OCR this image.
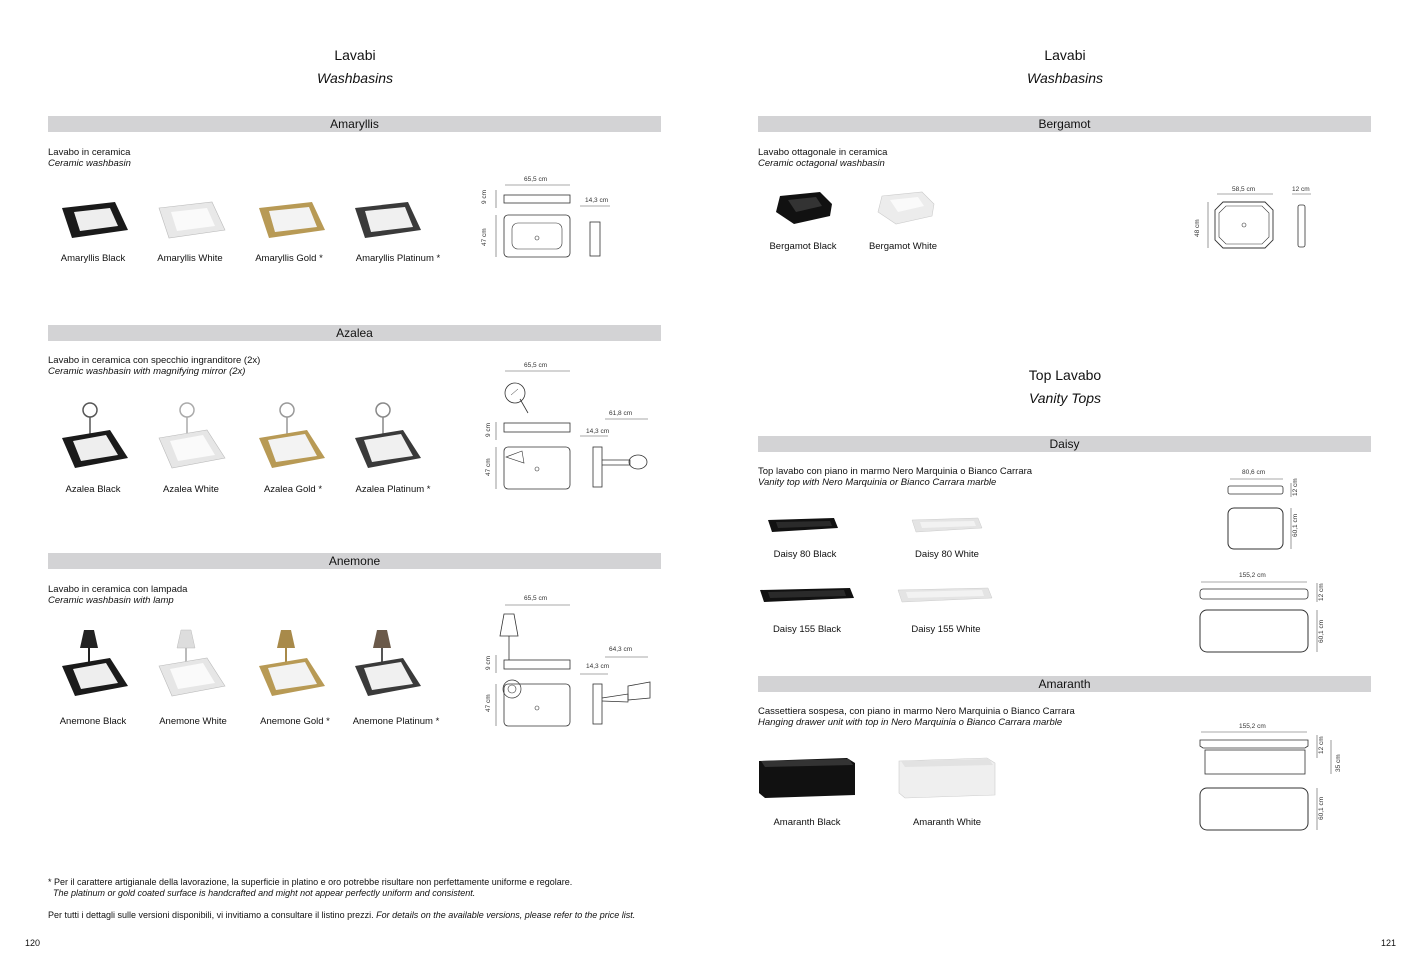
Lavabi
Washbasins
Amaryllis
Lavabo in ceramica
Ceramic washbasin
Amaryllis Black	Amaryllis White	Amaryllis Gold *	Amaryllis Platinum *
65,5 cm
14,3 cm
9 cm
47 cm
Azalea
Lavabo in ceramica con specchio ingranditore (2x)
Ceramic washbasin with magnifying mirror (2x)
Azalea Black	Azalea White	Azalea Gold *	Azalea Platinum *
65,5 cm
61,8 cm
14,3 cm
9 cm
47 cm
Anemone
Lavabo in ceramica con lampada
Ceramic washbasin with lamp
Anemone Black	Anemone White	Anemone Gold *	Anemone Platinum *
65,5 cm
64,3 cm
14,3 cm
9 cm
47 cm
* Per il carattere artigianale della lavorazione, la superficie in platino e oro potrebbe risultare non perfettamente uniforme e regolare.
The platinum or gold coated surface is handcrafted and might not appear perfectly uniform and consistent.
Per tutti i dettagli sulle versioni disponibili, vi invitiamo a consultare il listino prezzi. For details on the available versions, please refer to the price list.
120
Lavabi
Washbasins
Bergamot
Lavabo ottagonale in ceramica
Ceramic octagonal washbasin
Bergamot Black	Bergamot White
58,5 cm	12 cm
48 cm
Top Lavabo
Vanity Tops
Daisy
Top lavabo con piano in marmo Nero Marquinia o Bianco Carrara
Vanity top with Nero Marquinia or Bianco Carrara marble
Daisy 80 Black	Daisy 80 White
Daisy 155 Black	Daisy 155 White
80,6 cm
12 cm
60,1 cm
155,2 cm
12 cm
60,1 cm
Amaranth
Cassettiera sospesa, con piano in marmo Nero Marquinia o Bianco Carrara
Hanging drawer unit with top in Nero Marquinia o Bianco Carrara marble
Amaranth Black	Amaranth White
155,2 cm
12 cm
35 cm
60,1 cm
121
